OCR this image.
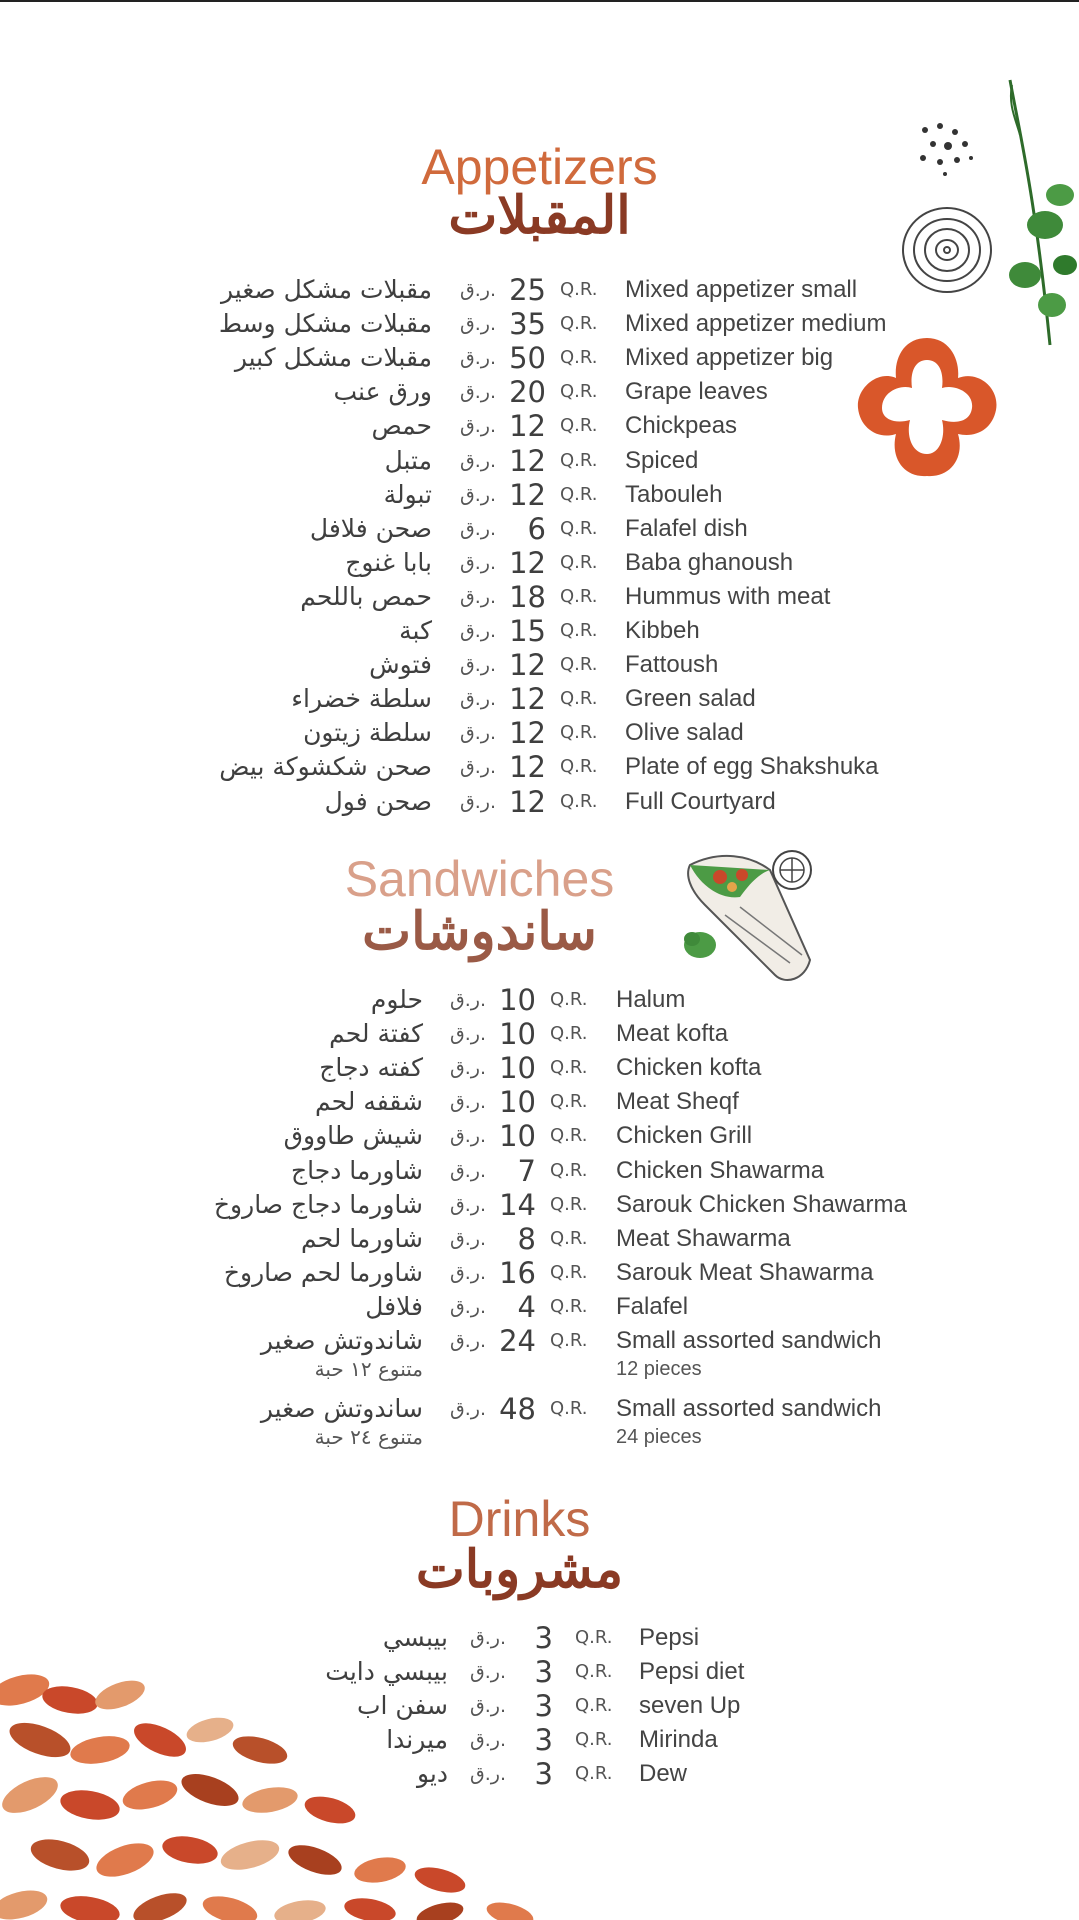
Appetizers
المقبلات
Sandwiches
ساندوشات
Drinks
مشروبات
مقبلات مشكل صغير ر.ق. 25 Q.R. Mixed appetizer small
مقبلات مشكل وسط ر.ق. 35 Q.R. Mixed appetizer medium
مقبلات مشكل كبير ر.ق. 50 Q.R. Mixed appetizer big
ورق عنب ر.ق. 20 Q.R. Grape leaves
حمص ر.ق. 12 Q.R. Chickpeas
متبل ر.ق. 12 Q.R. Spiced
تبولة ر.ق. 12 Q.R. Tabouleh
صحن فلافل ر.ق. 6 Q.R. Falafel dish
بابا غنوج ر.ق. 12 Q.R. Baba ghanoush
حمص باللحم ر.ق. 18 Q.R. Hummus with meat
كبة ر.ق. 15 Q.R. Kibbeh
فتوش ر.ق. 12 Q.R. Fattoush
سلطة خضراء ر.ق. 12 Q.R. Green salad
سلطة زيتون ر.ق. 12 Q.R. Olive salad
صحن شكشوكة بيض ر.ق. 12 Q.R. Plate of egg Shakshuka
صحن فول ر.ق. 12 Q.R. Full Courtyard
حلوم ر.ق. 10 Q.R. Halum
كفتة لحم ر.ق. 10 Q.R. Meat kofta
كفته دجاج ر.ق. 10 Q.R. Chicken kofta
شقفه لحم ر.ق. 10 Q.R. Meat Sheqf
شيش طاووق ر.ق. 10 Q.R. Chicken Grill
شاورما دجاج ر.ق. 7 Q.R. Chicken Shawarma
شاورما دجاج صاروخ ر.ق. 14 Q.R. Sarouk Chicken Shawarma
شاورما لحم ر.ق. 8 Q.R. Meat Shawarma
شاورما لحم صاروخ ر.ق. 16 Q.R. Sarouk Meat Shawarma
فلافل ر.ق. 4 Q.R. Falafel
شاندوتش صغير ر.ق. 24 Q.R. Small assorted sandwich
متنوع ١٢ حبة	12 pieces
ساندوتش صغير ر.ق. 48 Q.R. Small assorted sandwich
متنوع ٢٤ حبة	24 pieces
بيبسي ر.ق. 3 Q.R. Pepsi
بيبسي دايت ر.ق. 3 Q.R. Pepsi diet
سفن اب ر.ق. 3 Q.R. seven Up
ميرندا ر.ق. 3 Q.R. Mirinda
ديو ر.ق. 3 Q.R. Dew
